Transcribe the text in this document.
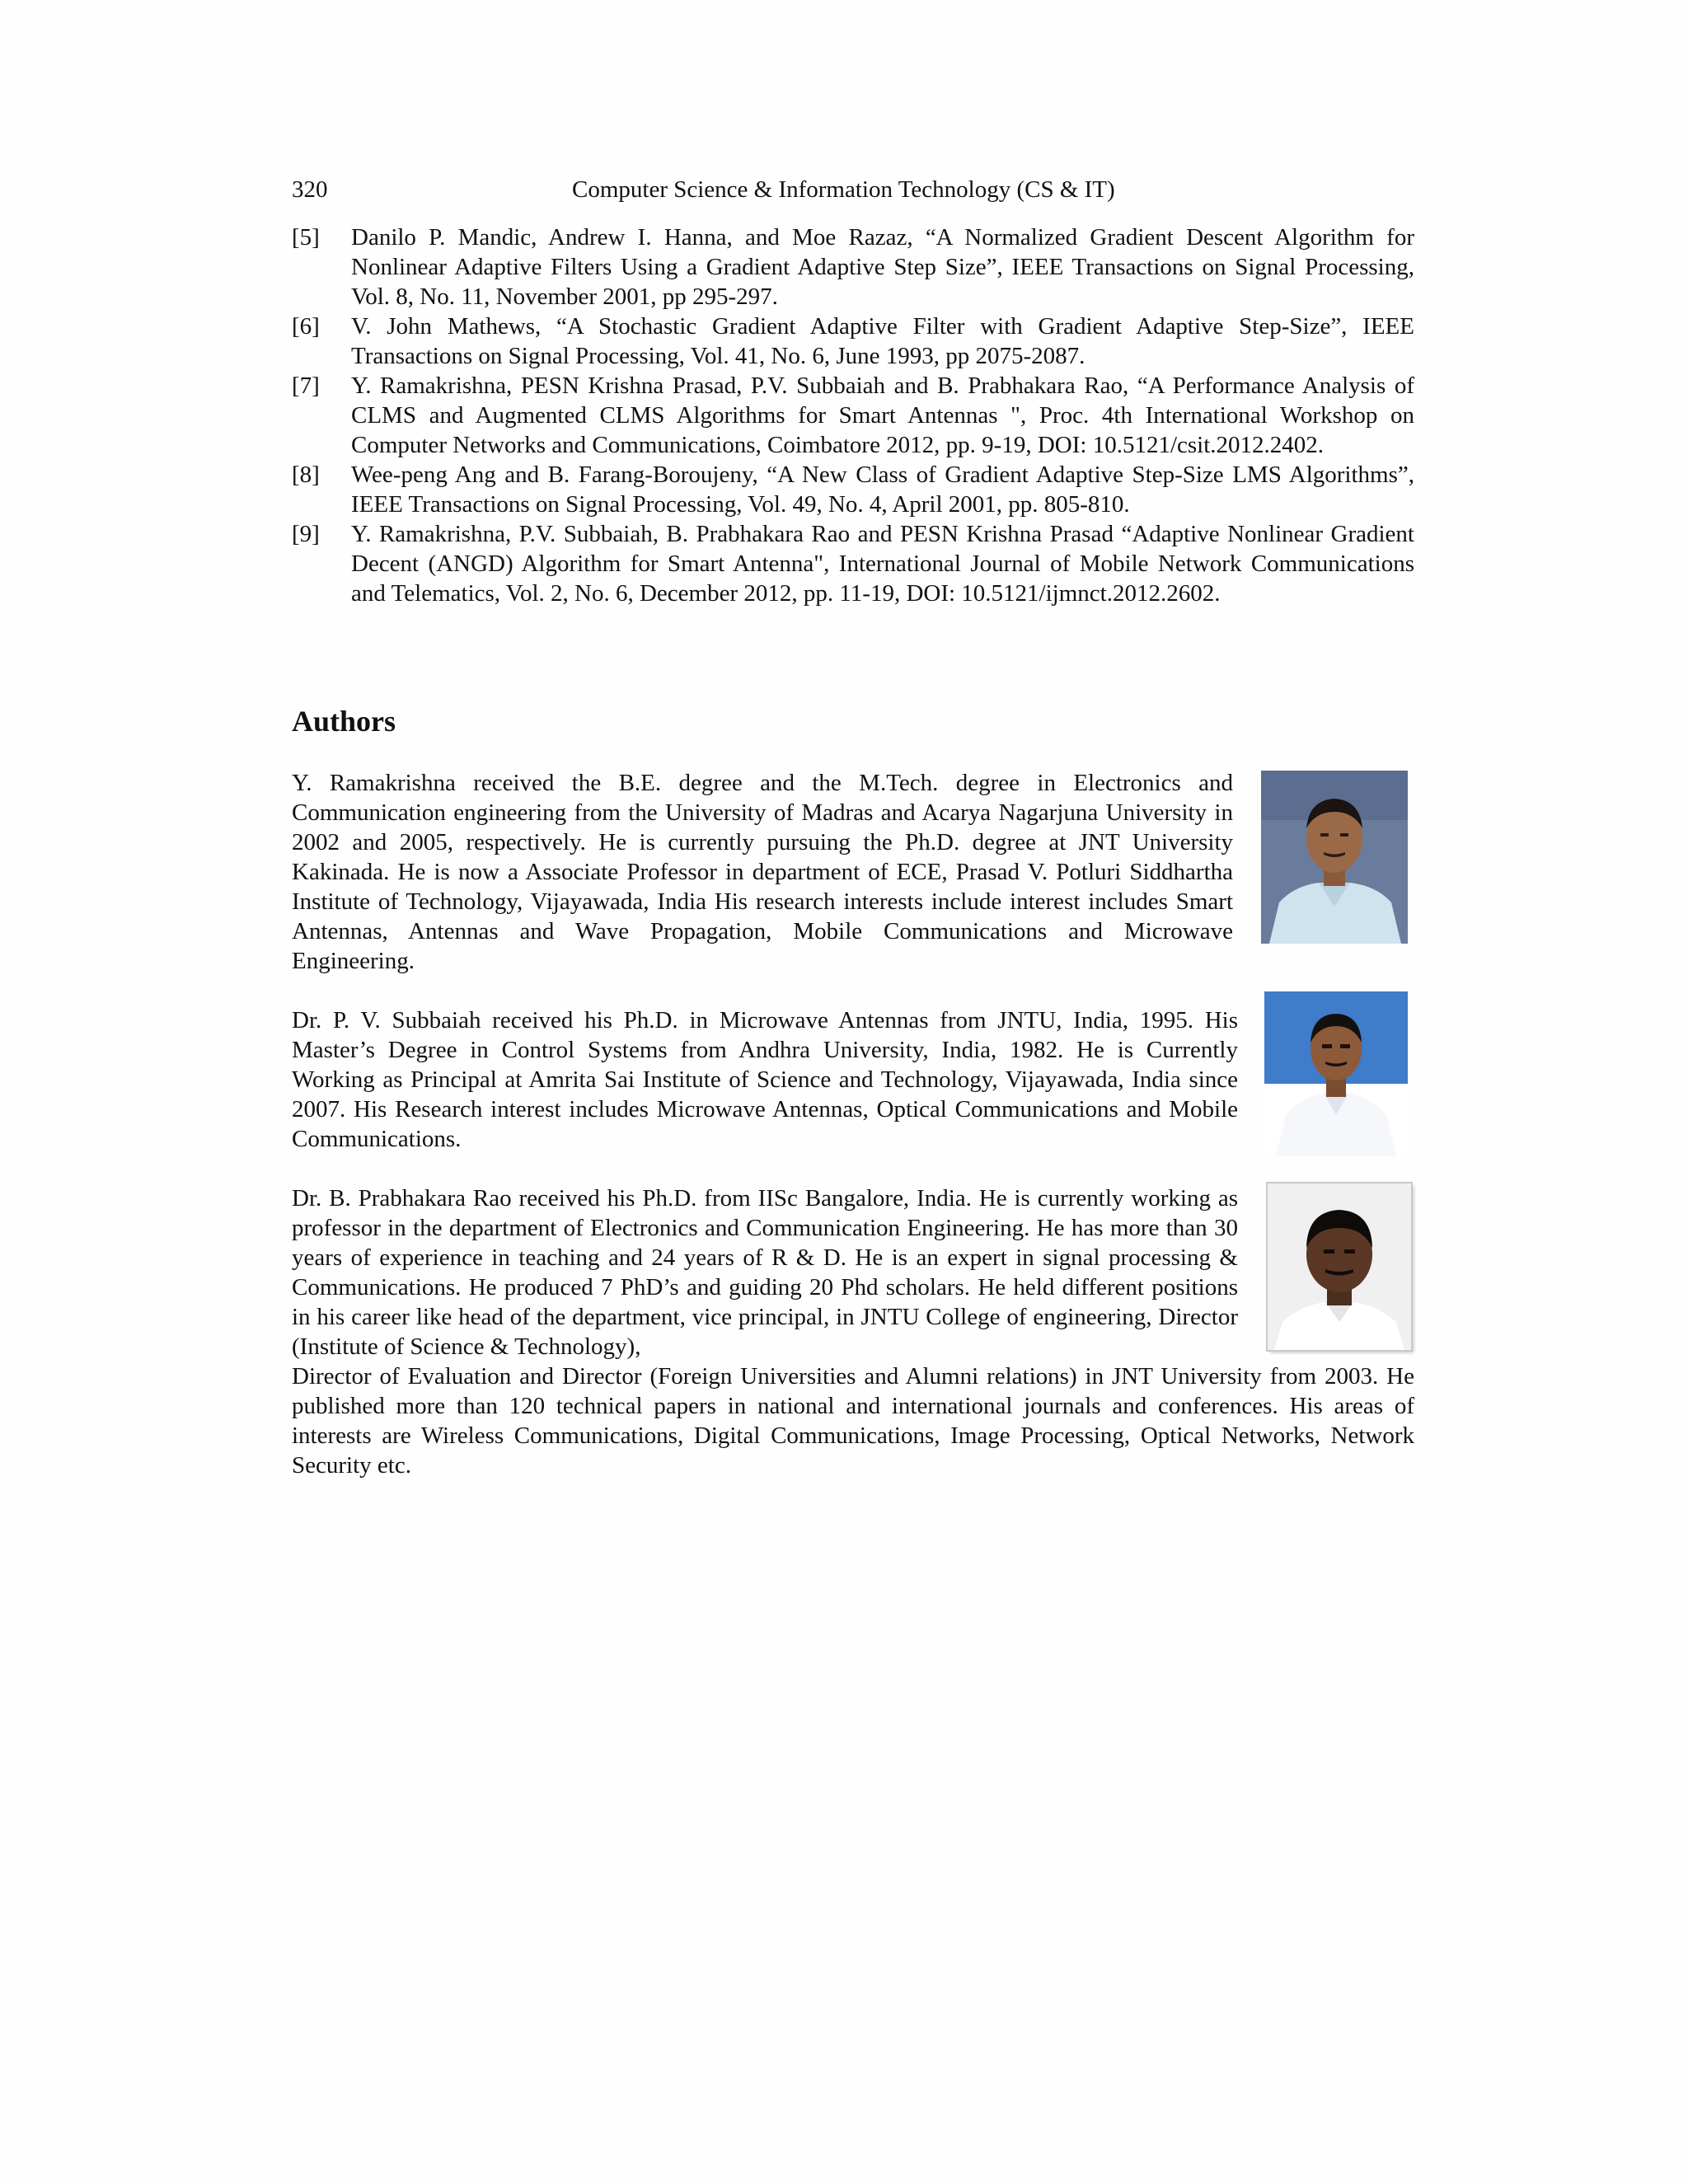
320	Computer Science & Information Technology (CS & IT)
[5]	Danilo P. Mandic, Andrew I. Hanna, and Moe Razaz, “A Normalized Gradient Descent Algorithm for Nonlinear Adaptive Filters Using a Gradient Adaptive Step Size”, IEEE Transactions on Signal Processing, Vol. 8, No. 11, November 2001, pp 295-297.
[6]	V. John Mathews, “A Stochastic Gradient Adaptive Filter with Gradient Adaptive Step-Size”, IEEE Transactions on Signal Processing, Vol. 41, No. 6, June 1993, pp 2075-2087.
[7]	Y. Ramakrishna, PESN Krishna Prasad, P.V. Subbaiah and B. Prabhakara Rao, “A Performance Analysis of CLMS and Augmented CLMS Algorithms for Smart Antennas ", Proc. 4th International Workshop on Computer Networks and Communications, Coimbatore 2012, pp. 9-19, DOI: 10.5121/csit.2012.2402.
[8]	Wee-peng Ang and B. Farang-Boroujeny, “A New Class of Gradient Adaptive Step-Size LMS Algorithms”, IEEE Transactions on Signal Processing, Vol. 49, No. 4, April 2001, pp. 805-810.
[9]	Y. Ramakrishna, P.V. Subbaiah, B. Prabhakara Rao and PESN Krishna Prasad “Adaptive Nonlinear Gradient Decent (ANGD) Algorithm for Smart Antenna", International Journal of Mobile Network Communications and Telematics, Vol. 2, No. 6, December 2012, pp. 11-19, DOI: 10.5121/ijmnct.2012.2602.
Authors
Y. Ramakrishna received the B.E. degree and the M.Tech. degree in Electronics and Communication engineering from the University of Madras and Acarya Nagarjuna University in 2002 and 2005, respectively. He is currently pursuing the Ph.D. degree at JNT University Kakinada. He is now a Associate Professor in department of ECE, Prasad V. Potluri Siddhartha Institute of Technology, Vijayawada, India His research interests include interest includes Smart Antennas, Antennas and Wave Propagation, Mobile Communications and Microwave Engineering.
Dr. P. V. Subbaiah received his Ph.D. in Microwave Antennas from JNTU, India, 1995. His Master’s Degree in Control Systems from Andhra University, India, 1982. He is Currently Working as Principal at Amrita Sai Institute of Science and Technology, Vijayawada, India since 2007. His Research interest includes Microwave Antennas, Optical Communications and Mobile Communications.
Dr. B. Prabhakara Rao received his Ph.D. from IISc Bangalore, India. He is currently working as professor in the department of Electronics and Communication Engineering. He has more than 30 years of experience in teaching and 24 years of R & D. He is an expert in signal processing & Communications. He produced 7 PhD’s and guiding 20 Phd scholars. He held different positions in his career like head of the department, vice principal, in JNTU College of engineering, Director (Institute of Science & Technology),
Director of Evaluation and Director (Foreign Universities and Alumni relations) in JNT University from 2003. He published more than 120 technical papers in national and international journals and conferences. His areas of interests are Wireless Communications, Digital Communications, Image Processing, Optical Networks, Network Security etc.
